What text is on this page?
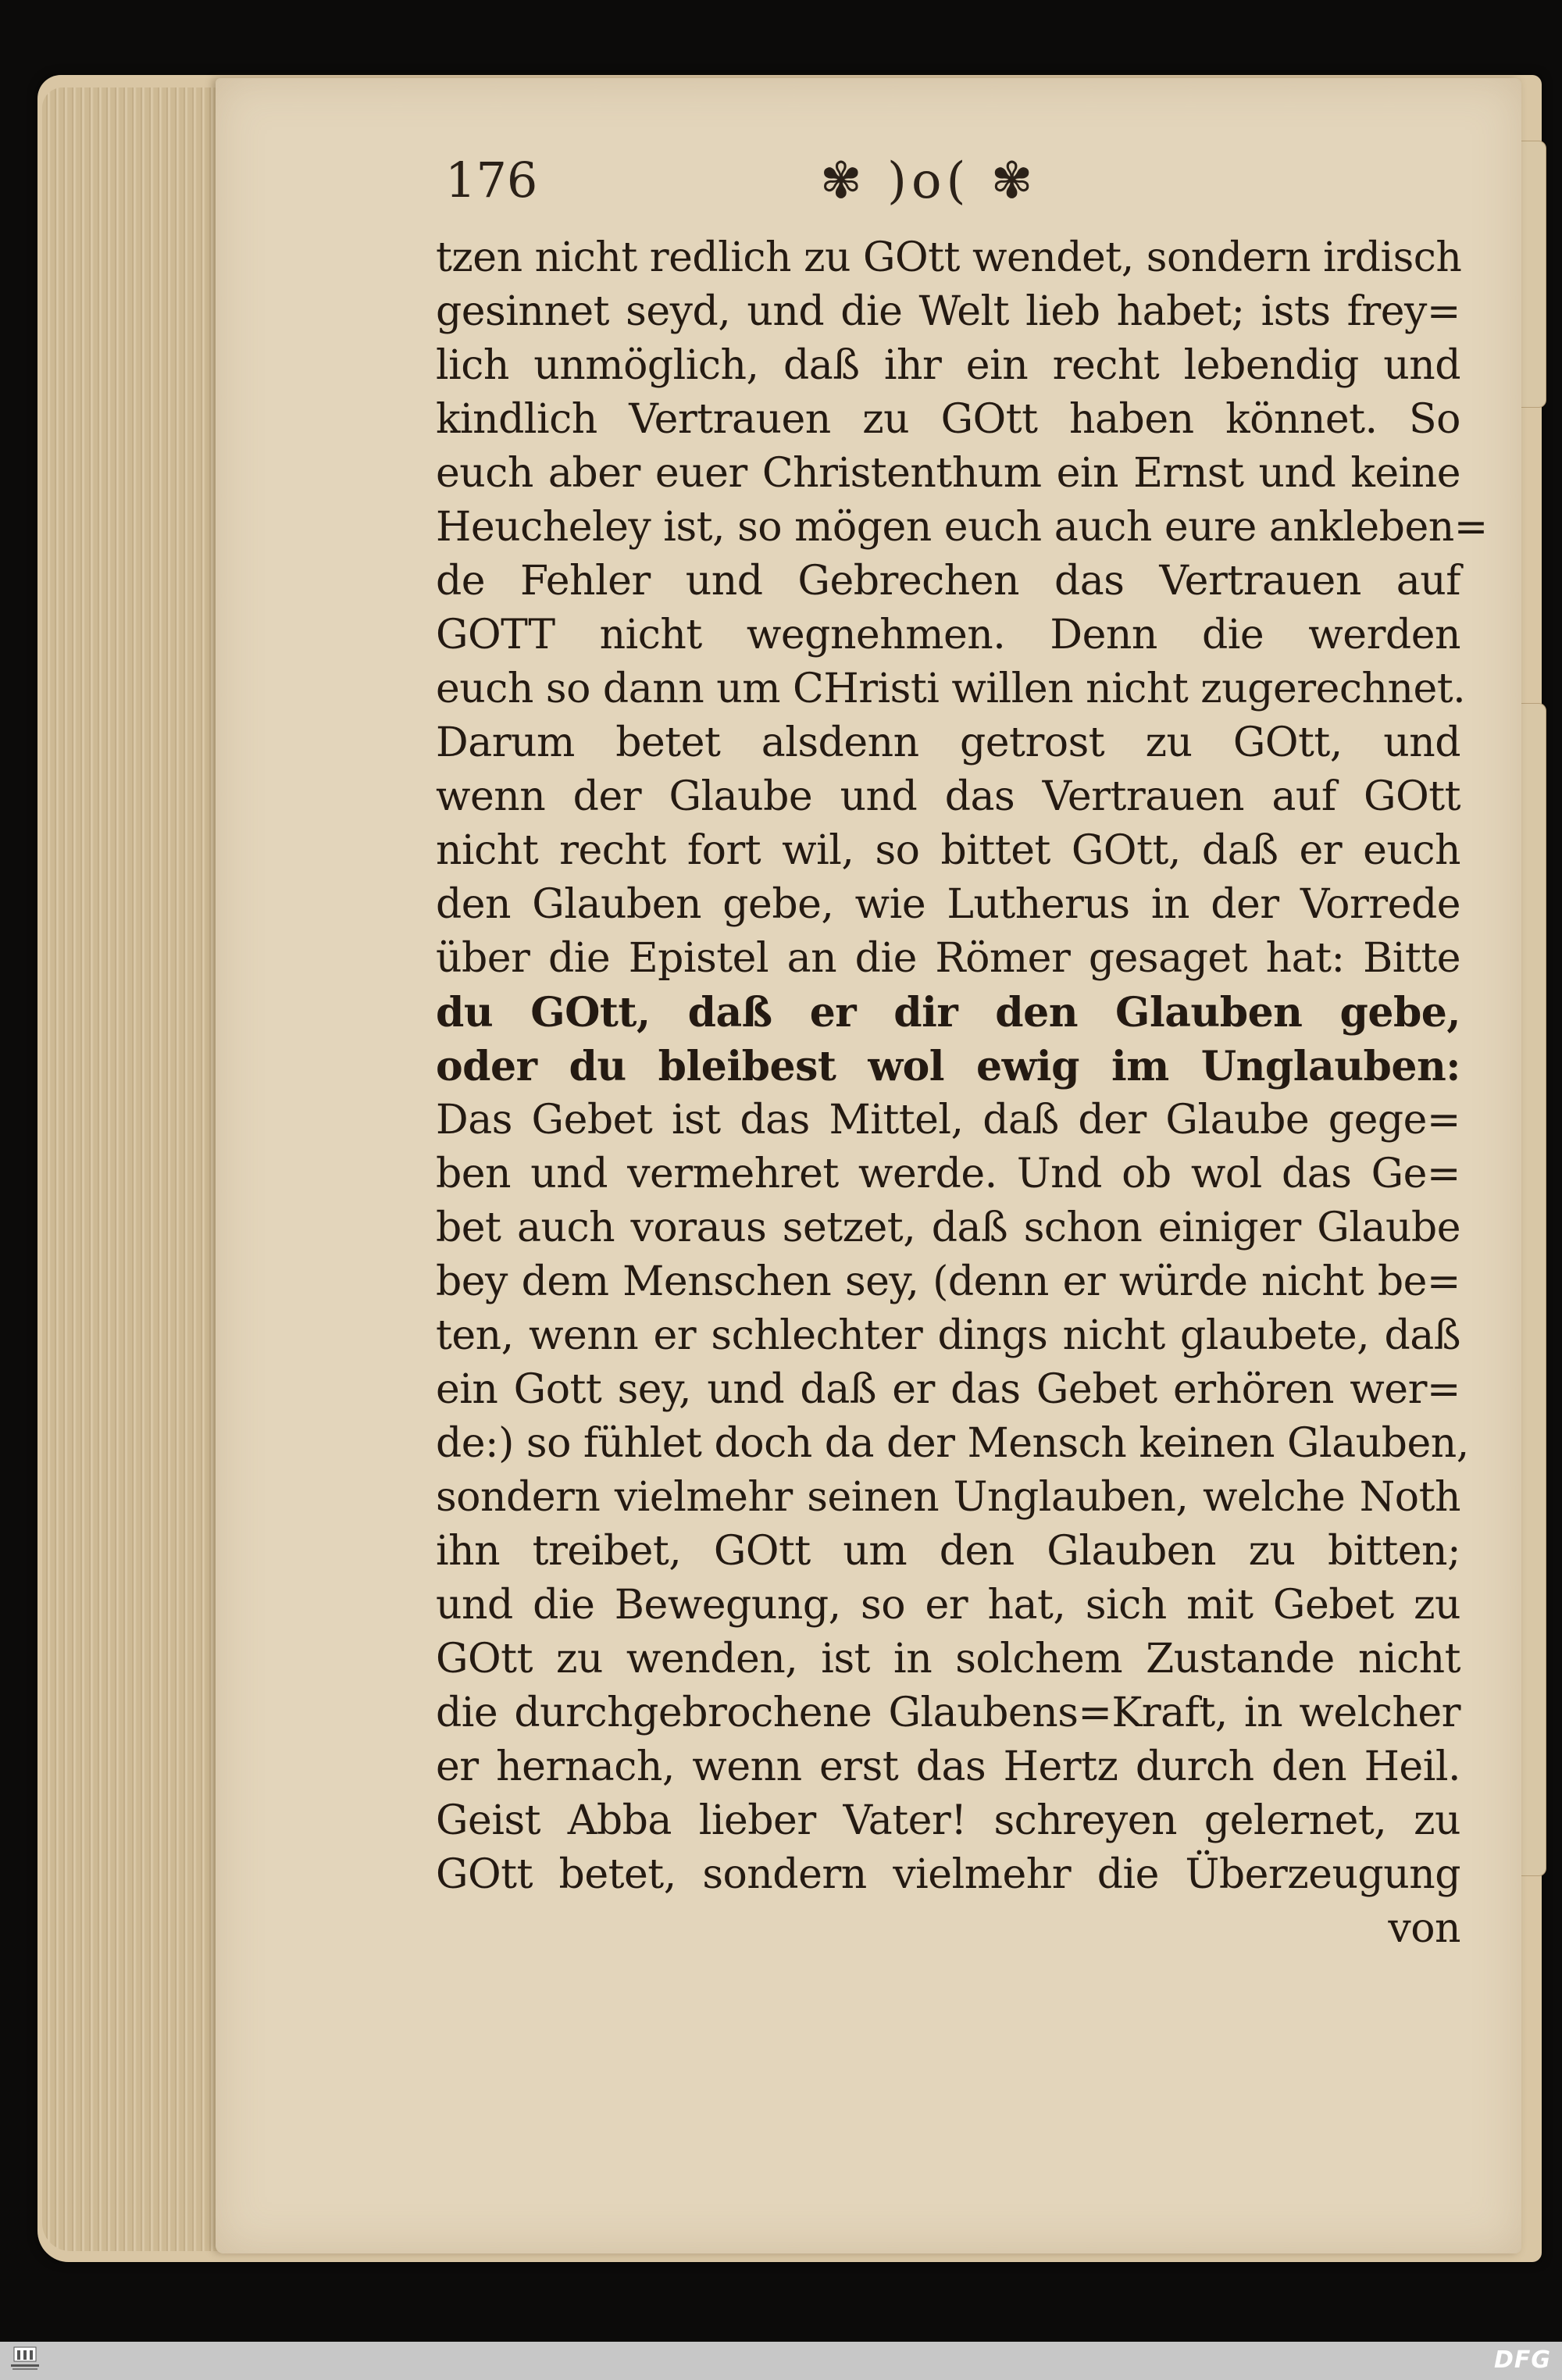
176	✾ )o( ✾
tzen nicht redlich zu GOtt wendet, sondern irdisch
gesinnet seyd, und die Welt lieb habet; ists frey=
lich unmöglich, daß ihr ein recht lebendig und
kindlich Vertrauen zu GOtt haben könnet. So
euch aber euer Christenthum ein Ernst und keine
Heucheley ist, so mögen euch auch eure ankleben=
de Fehler und Gebrechen das Vertrauen auf
GOTT nicht wegnehmen. Denn die werden
euch so dann um CHristi willen nicht zugerechnet.
Darum betet alsdenn getrost zu GOtt, und
wenn der Glaube und das Vertrauen auf GOtt
nicht recht fort wil, so bittet GOtt, daß er euch
den Glauben gebe, wie Lutherus in der Vorrede
über die Epistel an die Römer gesaget hat: Bitte
du GOtt, daß er dir den Glauben gebe,
oder du bleibest wol ewig im Unglauben:
Das Gebet ist das Mittel, daß der Glaube gege=
ben und vermehret werde. Und ob wol das Ge=
bet auch voraus setzet, daß schon einiger Glaube
bey dem Menschen sey, (denn er würde nicht be=
ten, wenn er schlechter dings nicht glaubete, daß
ein Gott sey, und daß er das Gebet erhören wer=
de:) so fühlet doch da der Mensch keinen Glauben,
sondern vielmehr seinen Unglauben, welche Noth
ihn treibet, GOtt um den Glauben zu bitten;
und die Bewegung, so er hat, sich mit Gebet zu
GOtt zu wenden, ist in solchem Zustande nicht
die durchgebrochene Glaubens=Kraft, in welcher
er hernach, wenn erst das Hertz durch den Heil.
Geist Abba lieber Vater! schreyen gelernet, zu
GOtt betet, sondern vielmehr die Überzeugung
von
DFG
